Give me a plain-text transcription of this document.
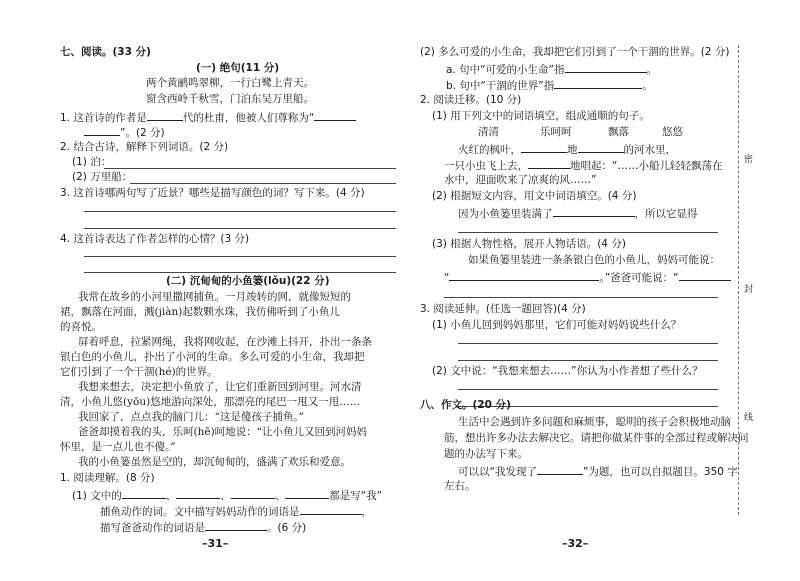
七、阅读。(33 分)
(一) 绝句(11 分)
两个黄鹂鸣翠柳，一行白鹭上青天。
窗含西岭千秋雪，门泊东吴万里船。
1. 这首诗的作者是	代的杜甫，他被人们尊称为“
”。(2 分)
2. 结合古诗，解释下列词语。(2 分)
(1) 泊：
(2) 万里船：
3. 这首诗哪两句写了近景？哪些是描写颜色的词？写下来。(4 分)
4. 这首诗表达了作者怎样的心情？(3 分)
(二) 沉甸甸的小鱼篓(lǒu)(22 分)
我常在故乡的小河里撒网捕鱼。一月竣转的网，就像短短的
裙，飘落在河面，溅(jiàn)起数颗水珠，我仿佛听到了小鱼儿
的喜悦。
屏着呼息，拉紧网绳，我将网收起，在沙滩上抖开，扑出一条条
银白色的小鱼儿，扑出了小河的生命。多么可爱的小生命，我却把
它们引到了一个干涸(hé)的世界。
我想来想去，决定把小鱼放了，让它们重新回到河里。河水清
清，小鱼儿悠(yōu)悠地游向深处，那漂亮的尾巴一甩又一甩……
我回家了，点点我的脑门儿：“这是傻孩子捕鱼。”
爸爸却摸着我的头，乐呵(hē)呵地说：“让小鱼儿又回到河妈妈
怀里，是一点儿也不傻。”
我的小鱼篓虽然是空的，却沉甸甸的，盛满了欢乐和爱意。
1. 阅读理解。(8 分)
(1) 文中的	、	、	、	都是写“我”
捕鱼动作的词。文中描写妈妈动作的词语是	，
描写爸爸动作的词语是	。(6 分)
–31–
(2) 多么可爱的小生命，我却把它们引到了一个干涸的世界。(2 分)
a. 句中“可爱的小生命”指	。
b. 句中“干涸的世界”指	。
2. 阅读迁移。(10 分)
(1) 用下列文中的词语填空，组成通顺的句子。
清清	乐呵呵	飘落	悠悠
火红的枫叶，	地	的河水里，
一只小虫飞上去，	地唱起：“……小船儿轻轻飘荡在
水中，迎面吹来了凉爽的风……”
(2) 根据短文内容，用文中词语填空。(4 分)
因为小鱼篓里装满了	，所以它显得
(3) 根据人物性格，展开人物话语。(4 分)
如果鱼篓里装进一条条银白色的小鱼儿，妈妈可能说：
“	。”爸爸可能说：“
3. 阅读延伸。(任选一题回答)(4 分)
(1) 小鱼儿回到妈妈那里，它们可能对妈妈说些什么？
(2) 文中说：“我想来想去……”你认为小作者想了些什么？
八、作文。(20 分)
生活中会遇到许多问题和麻烦事，聪明的孩子会积极地动脑
筋，想出许多办法去解决它。请把你做某件事的全部过程或解决问
题的办法写下来。
可以以“我发现了	”为题，也可以自拟题目。350 字
左右。
–32–
密
封
线
